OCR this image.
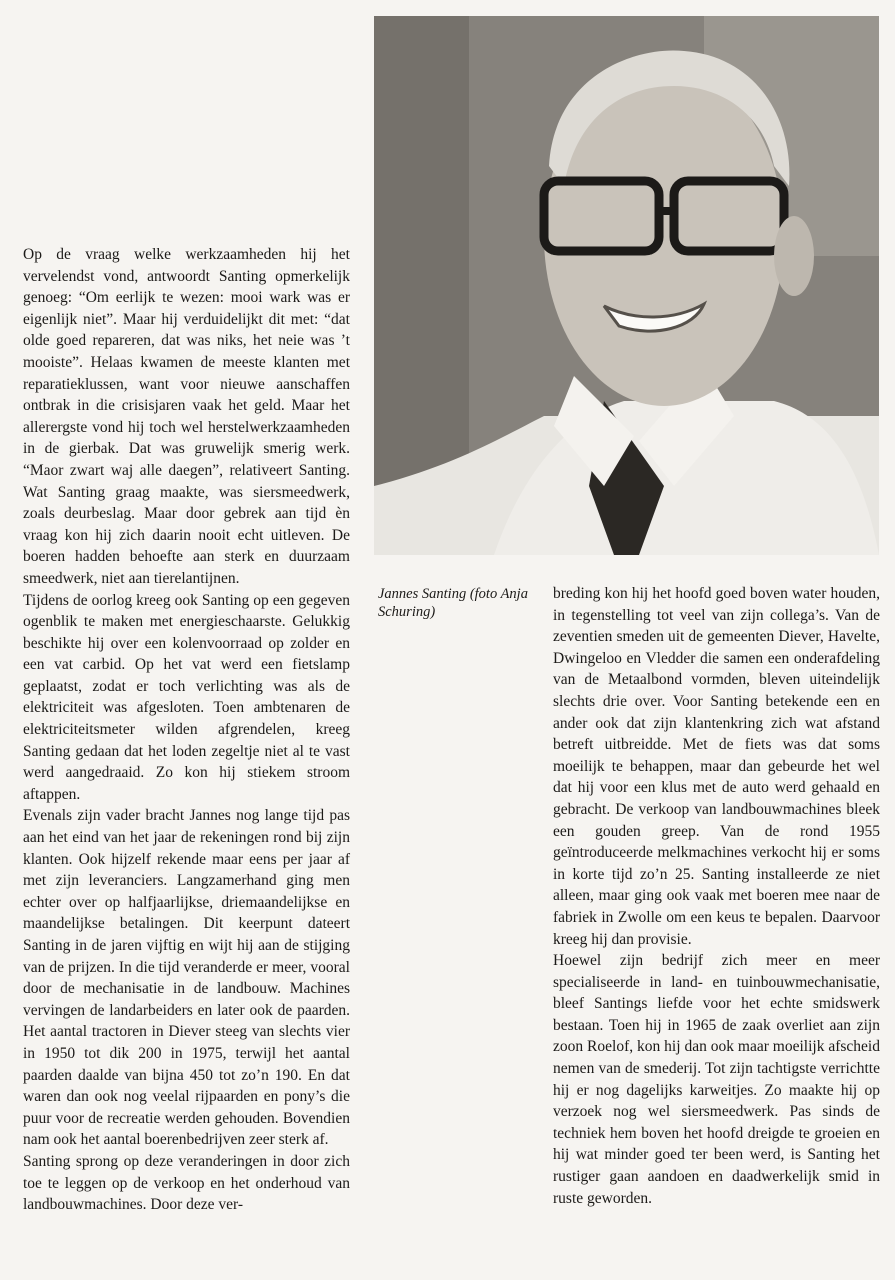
Jannes Santing (foto Anja Schuring)

Op de vraag welke werkzaamheden hij het vervelendst vond, antwoordt Santing opmerkelijk genoeg: “Om eerlijk te wezen: mooi wark was er eigenlijk niet”. Maar hij verduidelijkt dit met: “dat olde goed repareren, dat was niks, het neie was ’t mooiste”. Helaas kwamen de meeste klanten met reparatieklussen, want voor nieuwe aanschaffen ontbrak in die crisisjaren vaak het geld. Maar het allerergste vond hij toch wel herstelwerkzaamheden in de gierbak. Dat was gruwelijk smerig werk. “Maor zwart waj alle daegen”, relativeert Santing. Wat Santing graag maakte, was siersmeedwerk, zoals deurbeslag. Maar door gebrek aan tijd èn vraag kon hij zich daarin nooit echt uitleven. De boeren hadden behoefte aan sterk en duurzaam smeedwerk, niet aan tierelantijnen.

Tijdens de oorlog kreeg ook Santing op een gegeven ogenblik te maken met energieschaarste. Gelukkig beschikte hij over een kolenvoorraad op zolder en een vat carbid. Op het vat werd een fietslamp geplaatst, zodat er toch verlichting was als de elektriciteit was afgesloten. Toen ambtenaren de elektriciteitsmeter wilden afgrendelen, kreeg Santing gedaan dat het loden zegeltje niet al te vast werd aangedraaid. Zo kon hij stiekem stroom aftappen.

Evenals zijn vader bracht Jannes nog lange tijd pas aan het eind van het jaar de rekeningen rond bij zijn klanten. Ook hijzelf rekende maar eens per jaar af met zijn leveranciers. Langzamerhand ging men echter over op halfjaarlijkse, driemaandelijkse en maandelijkse betalingen. Dit keerpunt dateert Santing in de jaren vijftig en wijt hij aan de stijging van de prijzen. In die tijd veranderde er meer, vooral door de mechanisatie in de landbouw. Machines vervingen de landarbeiders en later ook de paarden. Het aantal tractoren in Diever steeg van slechts vier in 1950 tot dik 200 in 1975, terwijl het aantal paarden daalde van bijna 450 tot zo’n 190. En dat waren dan ook nog veelal rijpaarden en pony’s die puur voor de recreatie werden gehouden. Bovendien nam ook het aantal boerenbedrijven zeer sterk af.

Santing sprong op deze veranderingen in door zich toe te leggen op de verkoop en het onderhoud van landbouwmachines. Door deze ver-

breding kon hij het hoofd goed boven water houden, in tegenstelling tot veel van zijn collega’s. Van de zeventien smeden uit de gemeenten Diever, Havelte, Dwingeloo en Vledder die samen een onderafdeling van de Metaalbond vormden, bleven uiteindelijk slechts drie over. Voor Santing betekende een en ander ook dat zijn klantenkring zich wat afstand betreft uitbreidde. Met de fiets was dat soms moeilijk te behappen, maar dan gebeurde het wel dat hij voor een klus met de auto werd gehaald en gebracht. De verkoop van landbouwmachines bleek een gouden greep. Van de rond 1955 geïntroduceerde melkmachines verkocht hij er soms in korte tijd zo’n 25. Santing installeerde ze niet alleen, maar ging ook vaak met boeren mee naar de fabriek in Zwolle om een keus te bepalen. Daarvoor kreeg hij dan provisie.

Hoewel zijn bedrijf zich meer en meer specialiseerde in land- en tuinbouwmechanisatie, bleef Santings liefde voor het echte smidswerk bestaan. Toen hij in 1965 de zaak overliet aan zijn zoon Roelof, kon hij dan ook maar moeilijk afscheid nemen van de smederij. Tot zijn tachtigste verrichtte hij er nog dagelijks karweitjes. Zo maakte hij op verzoek nog wel siersmeedwerk. Pas sinds de techniek hem boven het hoofd dreigde te groeien en hij wat minder goed ter been werd, is Santing het rustiger gaan aandoen en daadwerkelijk smid in ruste geworden.
